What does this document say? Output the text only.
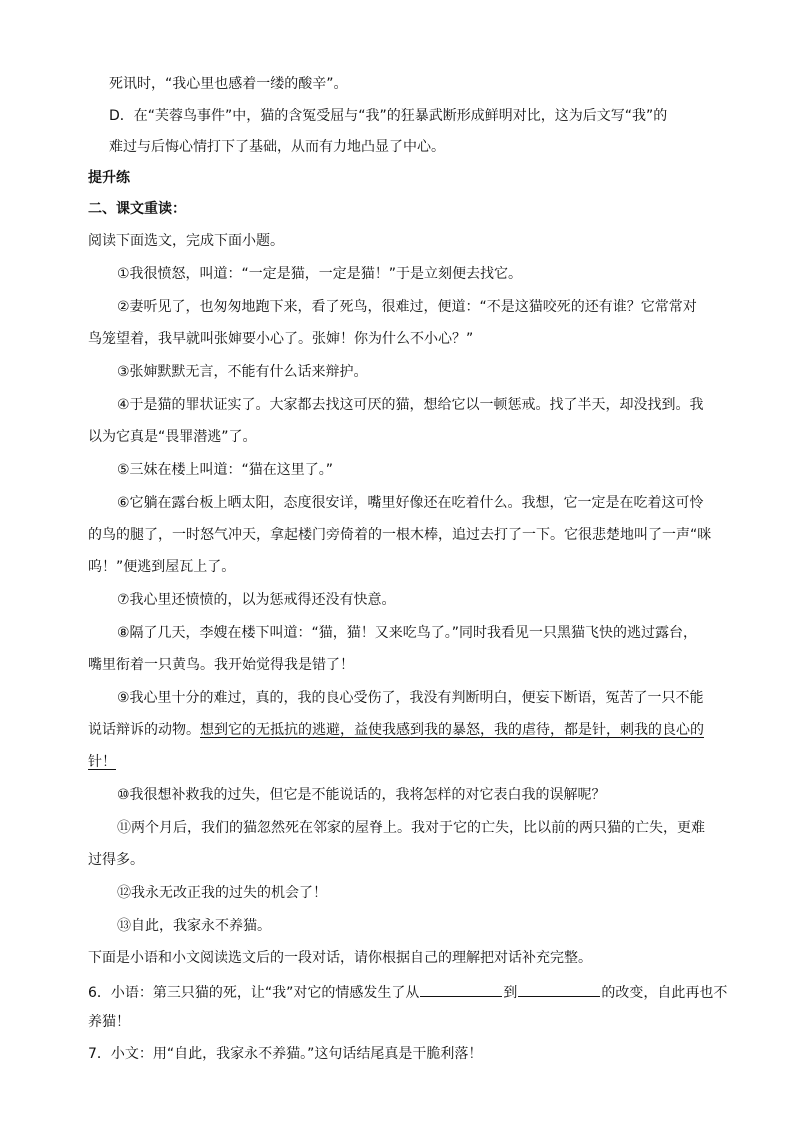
死讯时，“我心里也感着一缕的酸辛”。
D．在“芙蓉鸟事件”中，猫的含冤受屈与“我”的狂暴武断形成鲜明对比，这为后文写“我”的
难过与后悔心情打下了基础，从而有力地凸显了中心。
提升练
二、课文重读：
阅读下面选文，完成下面小题。
①我很愤怒，叫道：“一定是猫，一定是猫！”于是立刻便去找它。
②妻听见了，也匆匆地跑下来，看了死鸟，很难过，便道：“不是这猫咬死的还有谁？它常常对
鸟笼望着，我早就叫张婶要小心了。张婶！你为什么不小心？”
③张婶默默无言，不能有什么话来辩护。
④于是猫的罪状证实了。大家都去找这可厌的猫，想给它以一顿惩戒。找了半天，却没找到。我
以为它真是“畏罪潜逃”了。
⑤三妹在楼上叫道：“猫在这里了。”
⑥它躺在露台板上晒太阳，态度很安详，嘴里好像还在吃着什么。我想，它一定是在吃着这可怜
的鸟的腿了，一时怒气冲天，拿起楼门旁倚着的一根木棒，追过去打了一下。它很悲楚地叫了一声“咪
呜！”便逃到屋瓦上了。
⑦我心里还愤愤的，以为惩戒得还没有快意。
⑧隔了几天，李嫂在楼下叫道：“猫，猫！又来吃鸟了。”同时我看见一只黑猫飞快的逃过露台，
嘴里衔着一只黄鸟。我开始觉得我是错了！
⑨我心里十分的难过，真的，我的良心受伤了，我没有判断明白，便妄下断语，冤苦了一只不能
说话辩诉的动物。想到它的无抵抗的逃避，益使我感到我的暴怒，我的虐待，都是针，刺我的良心的
针！
⑩我很想补救我的过失，但它是不能说话的，我将怎样的对它表白我的误解呢？
⑪两个月后，我们的猫忽然死在邻家的屋脊上。我对于它的亡失，比以前的两只猫的亡失，更难
过得多。
⑫我永无改正我的过失的机会了！
⑬自此，我家永不养猫。
下面是小语和小文阅读选文后的一段对话，请你根据自己的理解把对话补充完整。
6．小语：第三只猫的死，让“我”对它的情感发生了从	到	的改变，自此再也不
养猫！
7．小文：用“自此，我家永不养猫。”这句话结尾真是干脆利落！
